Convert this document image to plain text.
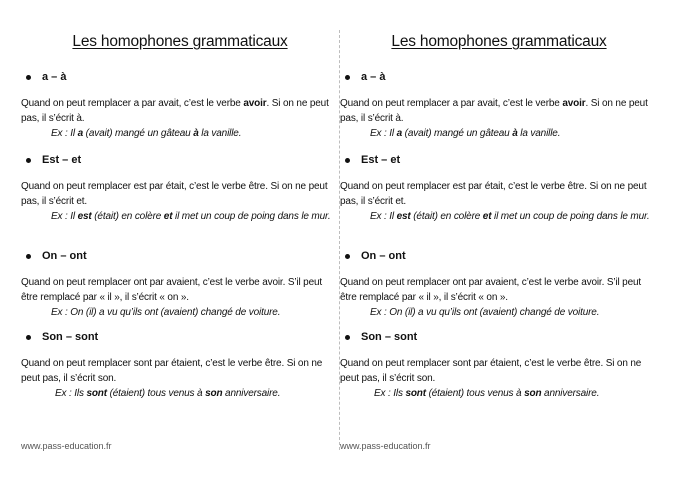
Les homophones grammaticaux
a – à
Quand on peut remplacer a par avait, c’est le verbe avoir. Si on ne peut pas, il s’écrit à.
Ex : Il a (avait) mangé un gâteau à la vanille.
Est – et
Quand on peut remplacer est par était, c’est le verbe être. Si on ne peut pas, il s’écrit et.
Ex : Il est (était) en colère et il met un coup de poing dans le mur.
On – ont
Quand on peut remplacer ont par avaient, c’est le verbe avoir. S’il peut être remplacé par « il », il s’écrit « on ».
Ex : On (il) a vu qu’ils ont (avaient) changé de voiture.
Son – sont
Quand on peut remplacer sont par étaient, c’est le verbe être. Si on ne peut pas, il s’écrit son.
Ex : Ils sont (étaient) tous venus à son anniversaire.
www.pass-education.fr
Les homophones grammaticaux
a – à
Quand on peut remplacer a par avait, c’est le verbe avoir. Si on ne peut pas, il s’écrit à.
Ex : Il a (avait) mangé un gâteau à la vanille.
Est – et
Quand on peut remplacer est par était, c’est le verbe être. Si on ne peut pas, il s’écrit et.
Ex : Il est (était) en colère et il met un coup de poing dans le mur.
On – ont
Quand on peut remplacer ont par avaient, c’est le verbe avoir. S’il peut être remplacé par « il », il s’écrit « on ».
Ex : On (il) a vu qu’ils ont (avaient) changé de voiture.
Son – sont
Quand on peut remplacer sont par étaient, c’est le verbe être. Si on ne peut pas, il s’écrit son.
Ex : Ils sont (étaient) tous venus à son anniversaire.
www.pass-education.fr
